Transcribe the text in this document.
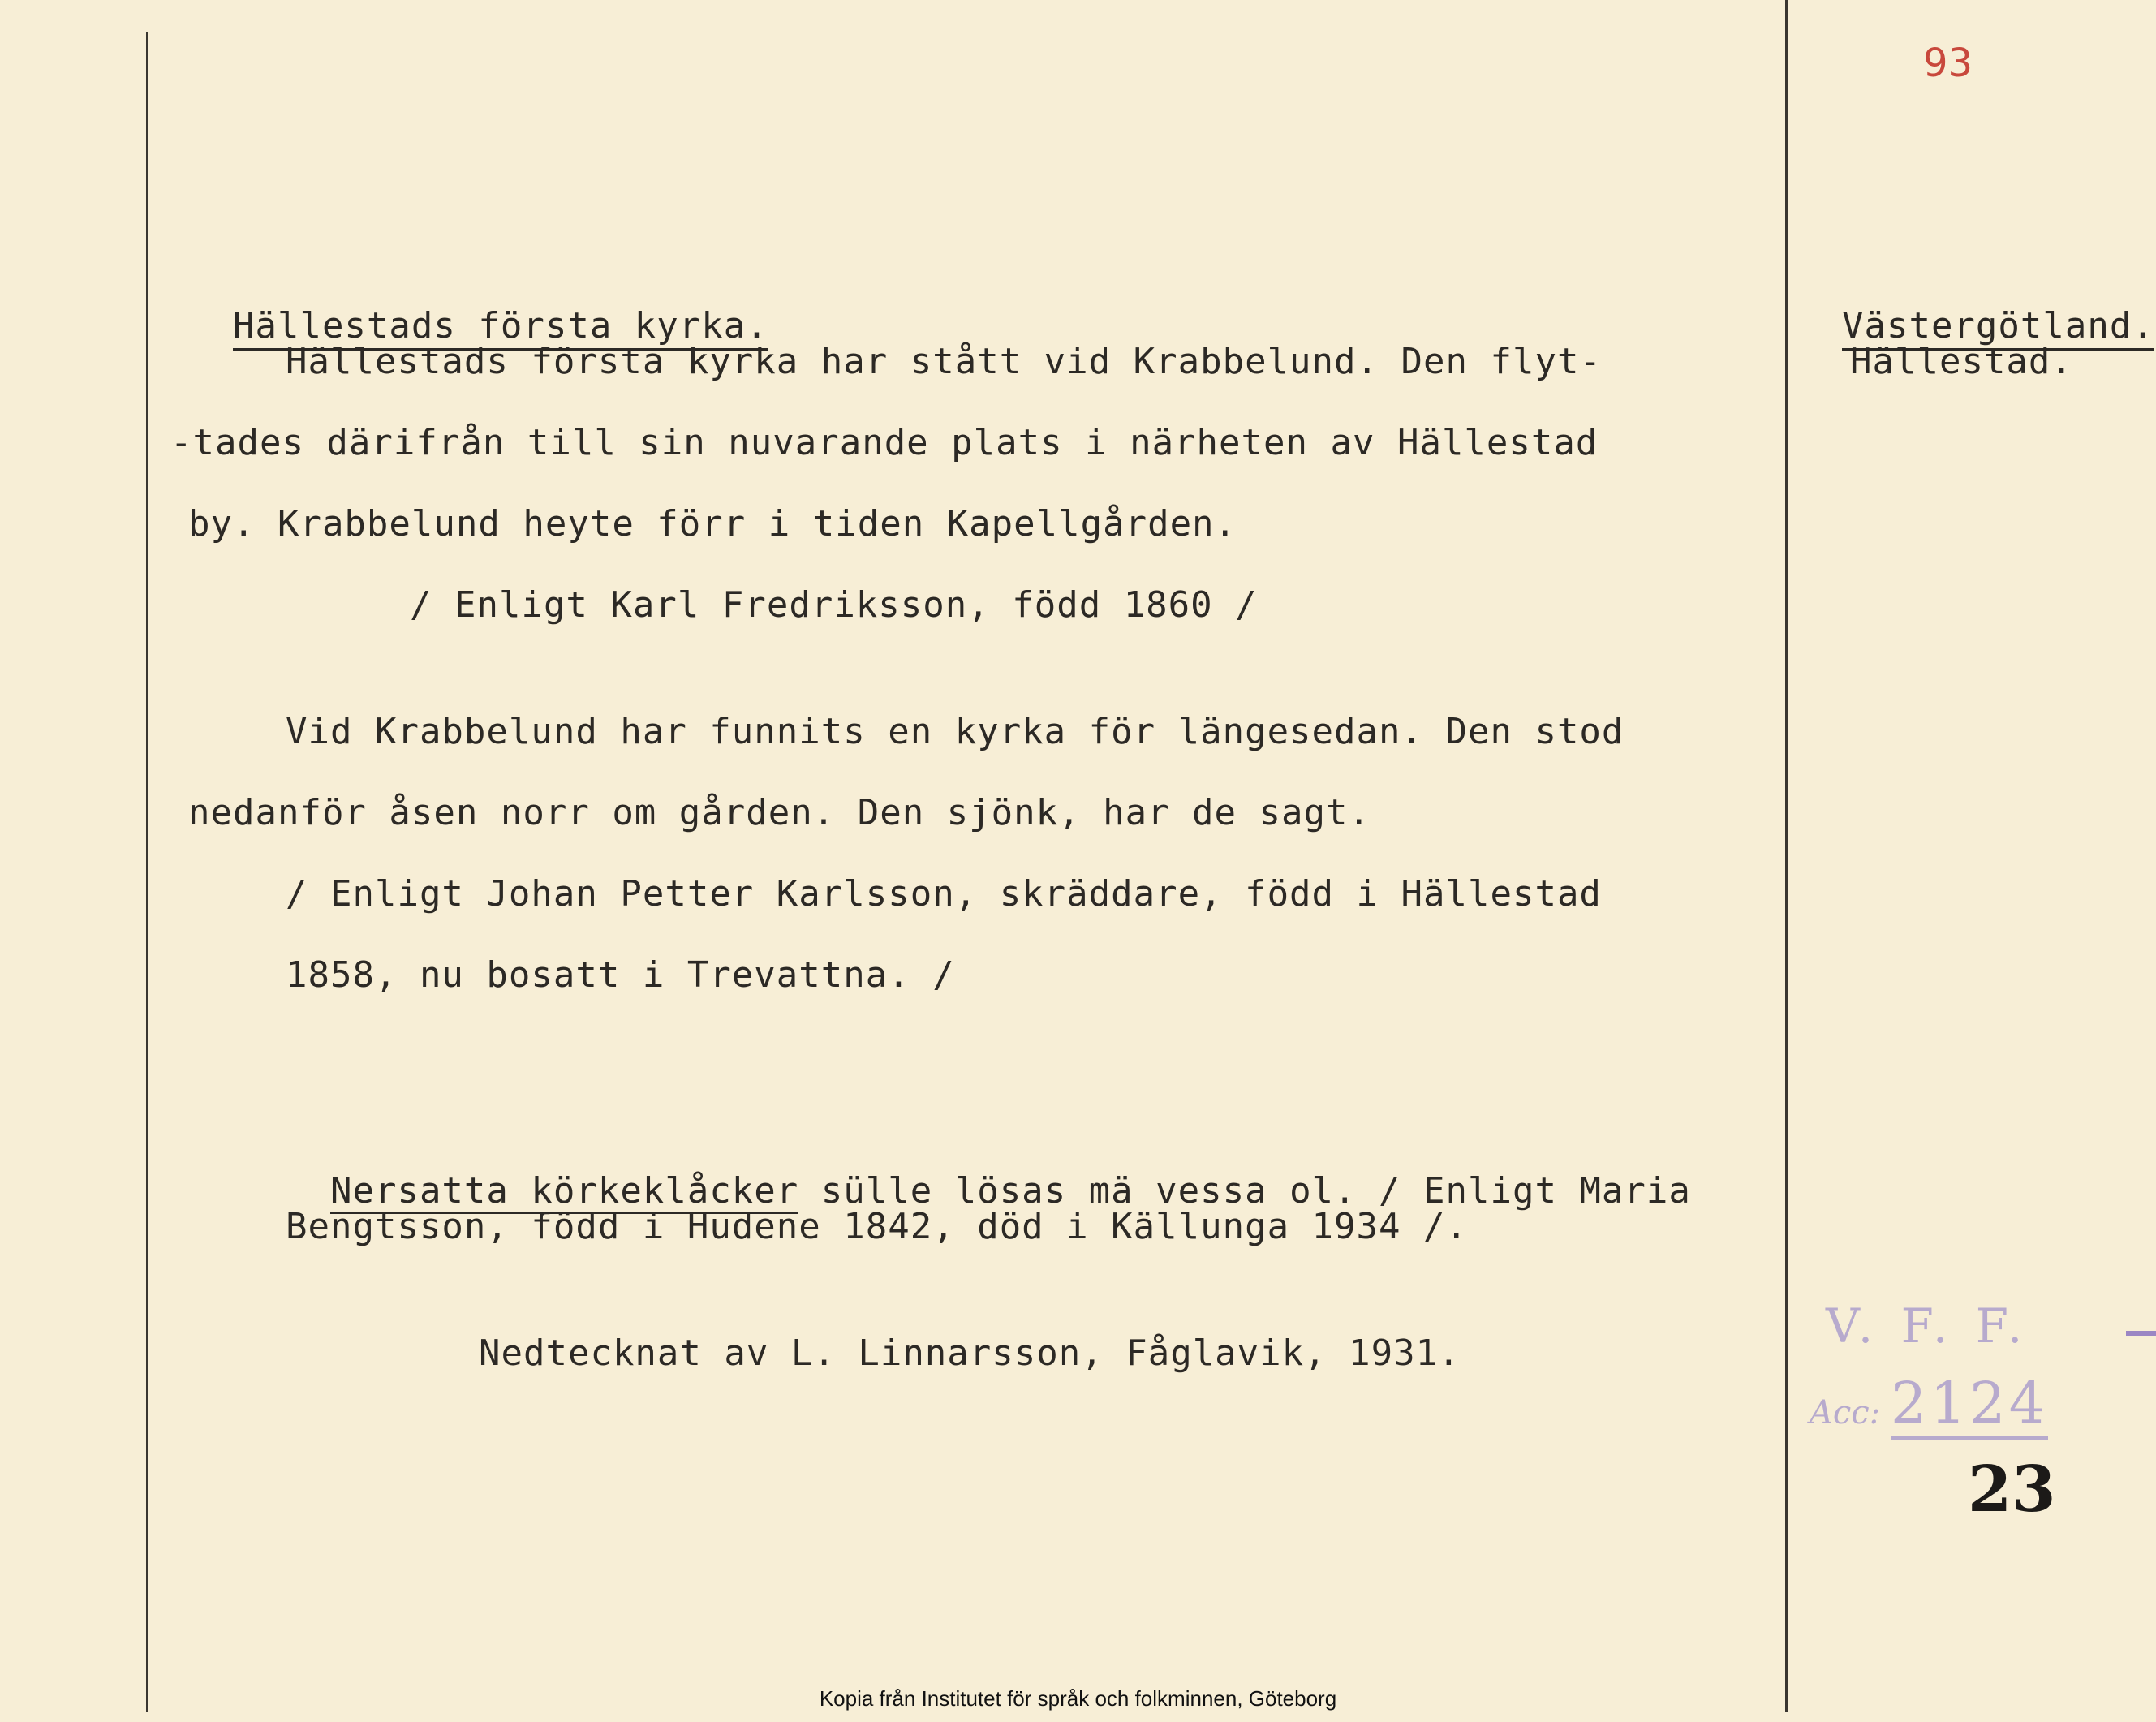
93

Hällestads första kyrka.	Västergötland.

Hällestad.
Hällestads första kyrka har stått vid Krabbelund. Den flyt-
-tades därifrån till sin nuvarande plats i närheten av Hällestad
by. Krabbelund heyte förr i tiden Kapellgården.
/ Enligt Karl Fredriksson, född 1860 /
Vid Krabbelund har funnits en kyrka för längesedan. Den stod
nedanför åsen norr om gården. Den sjönk, har de sagt.
/ Enligt Johan Petter Karlsson, skräddare, född i Hällestad
1858, nu bosatt i Trevattna. /

Nersatta körkeklåcker sülle lösas mä vessa ol. / Enligt Maria

Bengtsson, född i Hudene 1842, död i Källunga 1934 /.
Nedtecknat av L. Linnarsson, Fåglavik, 1931.	V. F. F.
Acc: 2124
23
Kopia från Institutet för språk och folkminnen, Göteborg
